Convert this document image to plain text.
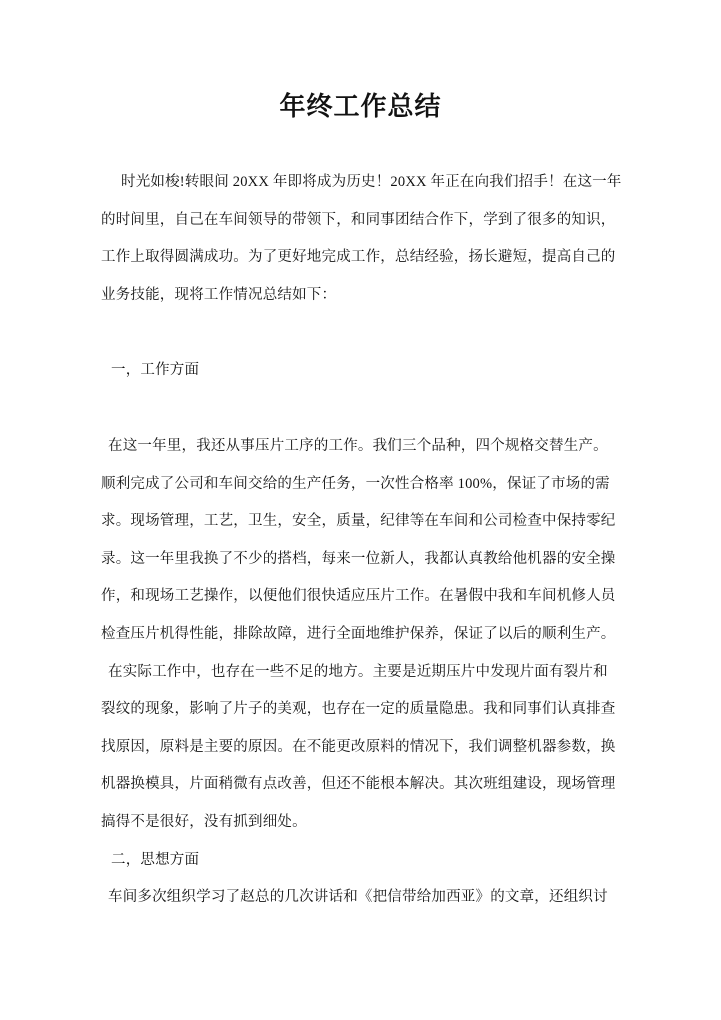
年终工作总结

时光如梭!转眼间 20XX 年即将成为历史！20XX 年正在向我们招手！在这一年
的时间里，自己在车间领导的带领下，和同事团结合作下，学到了很多的知识，
工作上取得圆满成功。为了更好地完成工作，总结经验，扬长避短，提高自己的
业务技能，现将工作情况总结如下：

一，工作方面

在这一年里，我还从事压片工序的工作。我们三个品种，四个规格交替生产。
顺利完成了公司和车间交给的生产任务，一次性合格率 100%，保证了市场的需
求。现场管理，工艺，卫生，安全，质量，纪律等在车间和公司检查中保持零纪
录。这一年里我换了不少的搭档，每来一位新人，我都认真教给他机器的安全操
作，和现场工艺操作，以便他们很快适应压片工作。在暑假中我和车间机修人员
检查压片机得性能，排除故障，进行全面地维护保养，保证了以后的顺利生产。

在实际工作中，也存在一些不足的地方。主要是近期压片中发现片面有裂片和
裂纹的现象，影响了片子的美观，也存在一定的质量隐患。我和同事们认真排查
找原因，原料是主要的原因。在不能更改原料的情况下，我们调整机器参数，换
机器换模具，片面稍微有点改善，但还不能根本解决。其次班组建设，现场管理
搞得不是很好，没有抓到细处。

二，思想方面

车间多次组织学习了赵总的几次讲话和《把信带给加西亚》的文章，还组织讨
